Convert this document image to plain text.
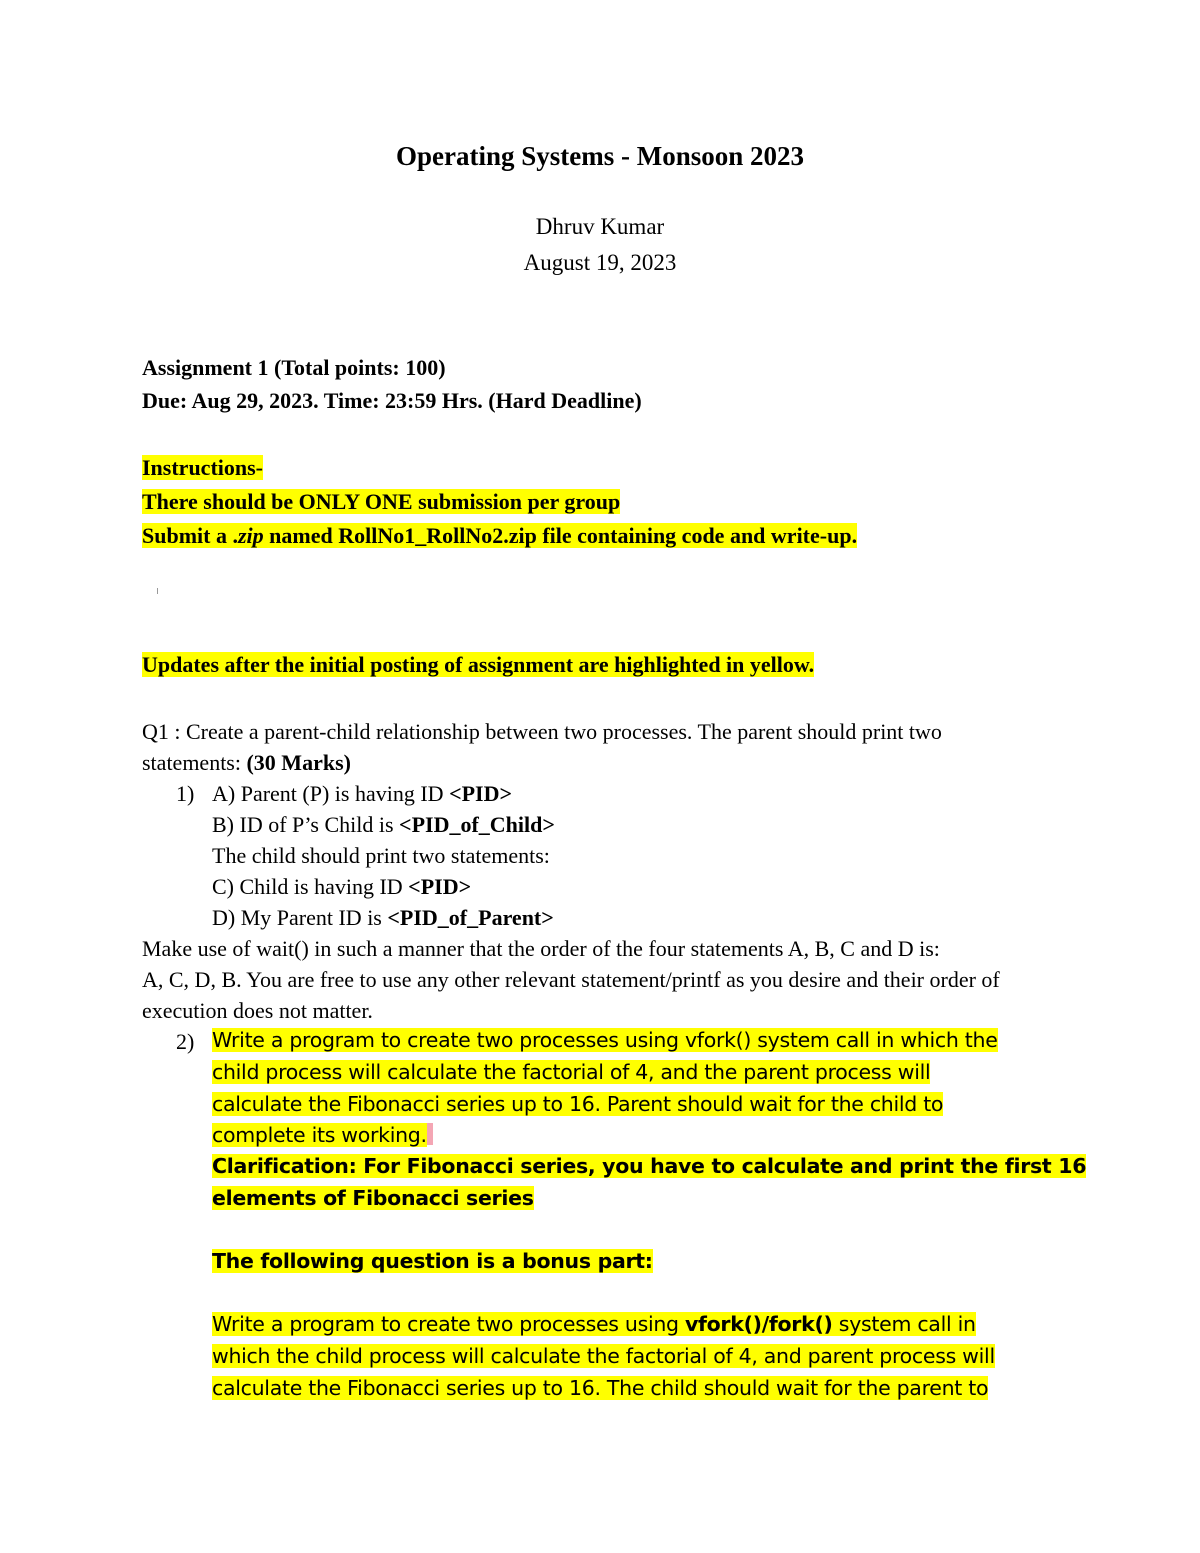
Operating Systems - Monsoon 2023
Dhruv Kumar
August 19, 2023
Assignment 1 (Total points: 100)
Due: Aug 29, 2023. Time: 23:59 Hrs. (Hard Deadline)
Instructions-
There should be ONLY ONE submission per group
Submit a .zip named RollNo1_RollNo2.zip file containing code and write-up.
Updates after the initial posting of assignment are highlighted in yellow.
Q1 : Create a parent-child relationship between two processes. The parent should print two
statements: (30 Marks)
1) A) Parent (P) is having ID <PID>
B) ID of P’s Child is <PID_of_Child>
The child should print two statements:
C) Child is having ID <PID>
D) My Parent ID is <PID_of_Parent>
Make use of wait() in such a manner that the order of the four statements A, B, C and D is:
A, C, D, B. You are free to use any other relevant statement/printf as you desire and their order of
execution does not matter.
2) Write a program to create two processes using vfork() system call in which the
child process will calculate the factorial of 4, and the parent process will
calculate the Fibonacci series up to 16. Parent should wait for the child to
complete its working.
Clarification: For Fibonacci series, you have to calculate and print the first 16
elements of Fibonacci series
The following question is a bonus part:
Write a program to create two processes using vfork()/fork() system call in
which the child process will calculate the factorial of 4, and parent process will
calculate the Fibonacci series up to 16. The child should wait for the parent to
